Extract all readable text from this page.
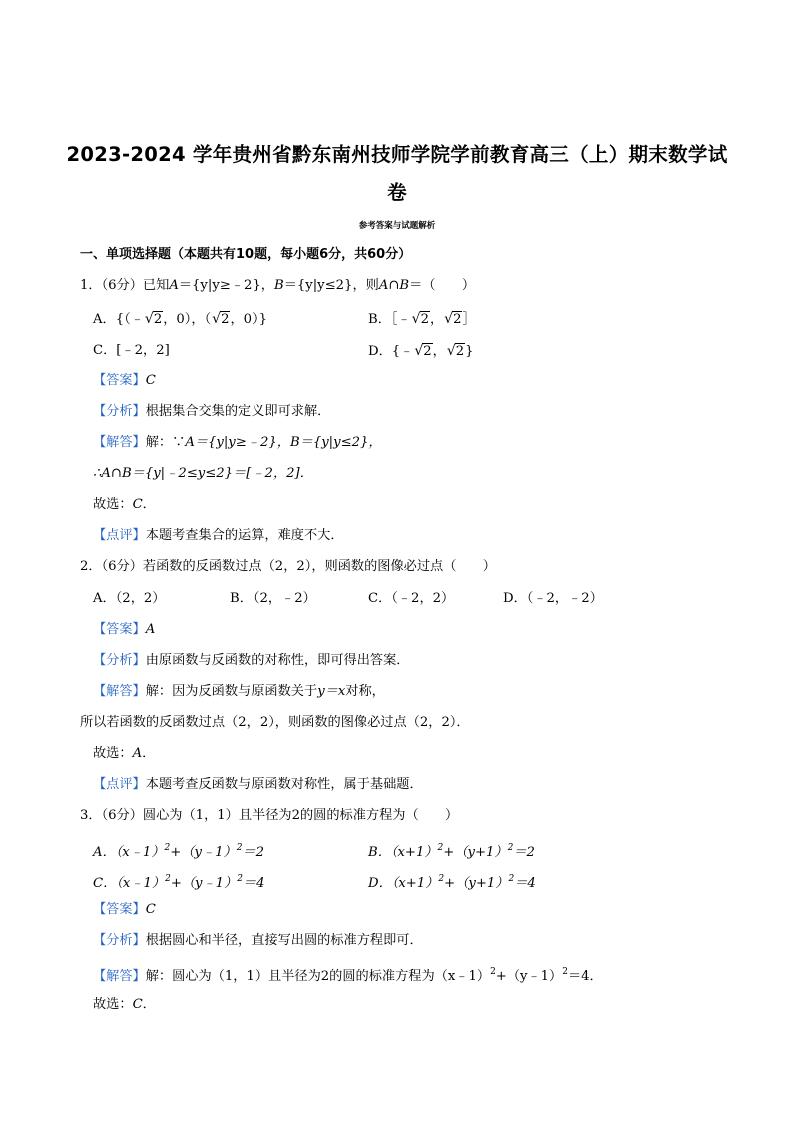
2023-2024 学年贵州省黔东南州技师学院学前教育高三（上）期末数学试
卷
参考答案与试题解析
一、单项选择题（本题共有10题，每小题6分，共60分）
1．（6分）已知A＝{y|y≥﹣2}，B＝{y|y≤2}，则A∩B＝（　　）
A．{（﹣√2，0），（√2，0）}	B．［﹣√2，√2］
C．[﹣2，2]	D．{﹣√2，√2}
【答案】C
【分析】根据集合交集的定义即可求解．
【解答】解：∵A＝{y|y≥﹣2}，B＝{y|y≤2}，
∴A∩B＝{y|﹣2≤y≤2}＝[﹣2，2]．
故选：C．
【点评】本题考查集合的运算，难度不大．
2．（6分）若函数的反函数过点（2，2），则函数的图像必过点（　　）
A．（2，2）	B．（2，﹣2）	C．（﹣2，2）	D．（﹣2，﹣2）
【答案】A
【分析】由原函数与反函数的对称性，即可得出答案．
【解答】解：因为反函数与原函数关于y＝x对称，
所以若函数的反函数过点（2，2），则函数的图像必过点（2，2）．
故选：A．
【点评】本题考查反函数与原函数对称性，属于基础题．
3．（6分）圆心为（1，1）且半径为2的圆的标准方程为（　　）
A．（x﹣1）$^2$+（y﹣1）$^2$＝2	B．$(x+1)^2+(y+1)^2=2$
C．（x﹣1）$^2$+（y﹣1）$^2$＝4	D．$(x+1)^2+(y+1)^2=4$
【答案】C
【分析】根据圆心和半径，直接写出圆的标准方程即可．
【解答】解：圆心为（1，1）且半径为2的圆的标准方程为（x﹣1）$^2$+（y﹣1）$^2$＝4．
故选：C．
